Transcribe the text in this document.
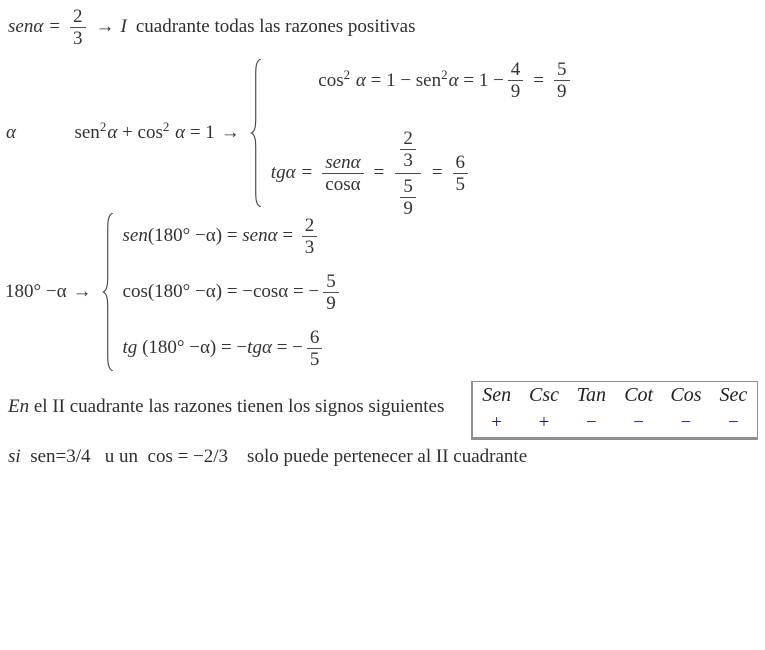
$sen\alpha = \frac{2}{3} \to I$ cuadrante todas las razones positivas
α	$sen^2\alpha + \cos^2 \alpha = 1$
→

$\cos^2 \alpha = 1 - sen^2\alpha = 1$ −
$\frac{4}{9} = \frac{5}{9}$
$tg\alpha = \frac{\text{senα}}{\cos\alpha} = \frac{\frac{2}{3}}{\frac{5}{9}} = \frac{6}{5}$
180° −α →
sen $(180^\circ -\alpha) = sen\alpha = \frac{2}{3}$
cos(180° −α) = −cosα = − $\frac{5}{9}$
tg (180° −α) = − tgα = − $\frac{6}{5}$
En el II cuadrante las razones tienen los signos siguientes
Sen Csc Tan Cot Cos Sec
+	+	−	−	−	−
si sen=3/4   u un  cos = −2/3    solo puede pertenecer al II cuadrante
